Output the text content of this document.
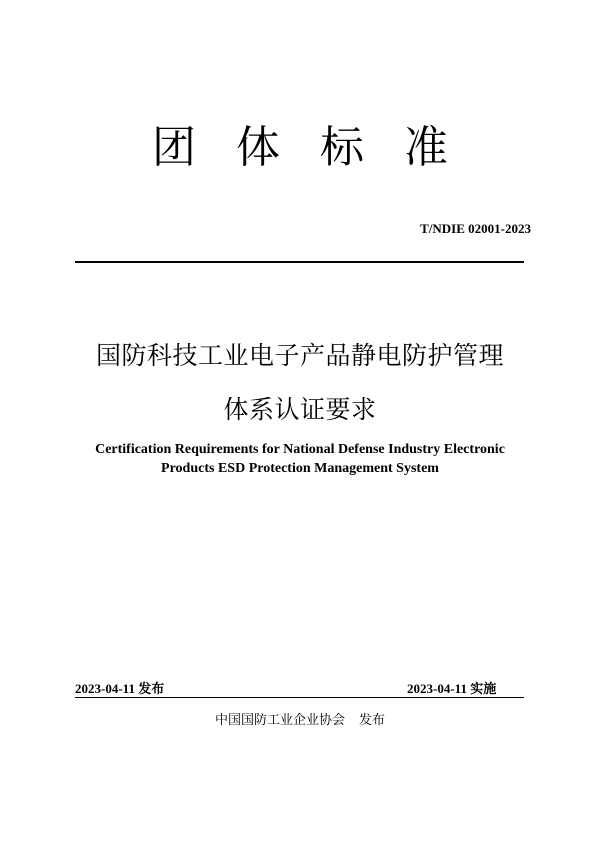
团 体 标 准
T/NDIE 02001-2023
国防科技工业电子产品静电防护管理
体系认证要求
Certification Requirements for National Defense Industry Electronic
Products ESD Protection Management System
2023-04-11 发布	2023-04-11 实施
中国国防工业企业协会 发布
